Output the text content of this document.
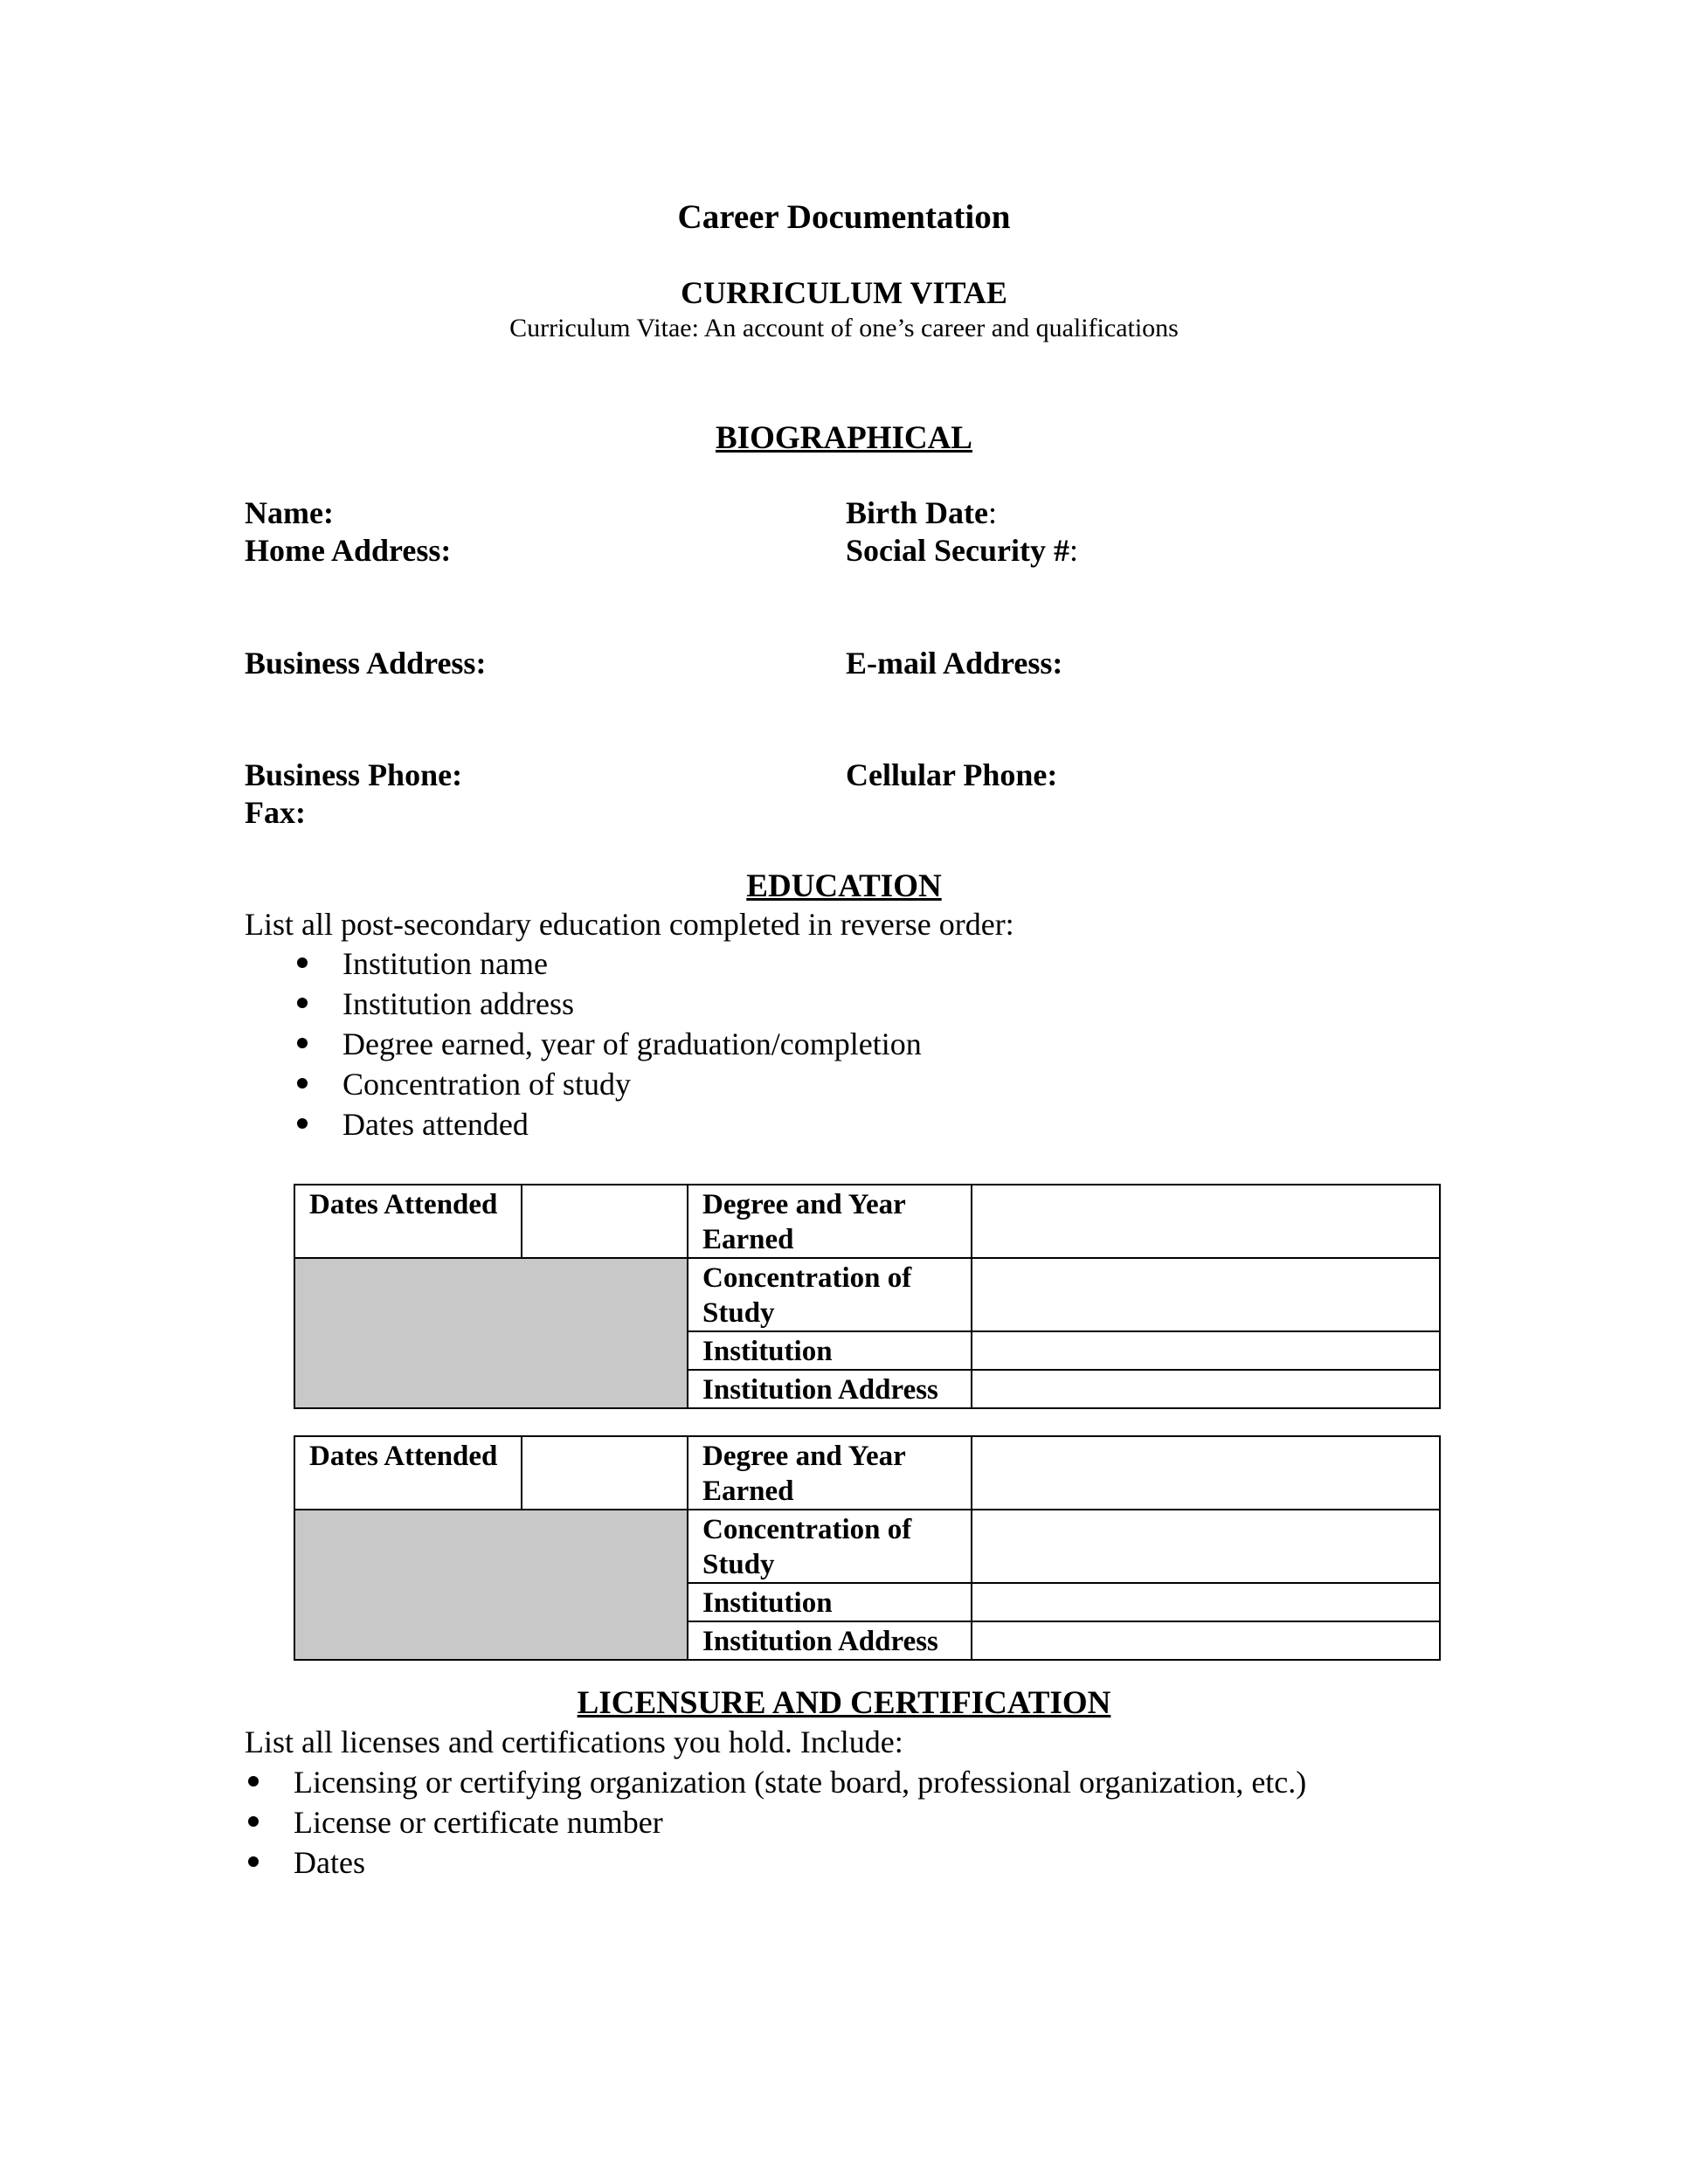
Career Documentation
CURRICULUM VITAE
Curriculum Vitae: An account of one’s career and qualifications
BIOGRAPHICAL
Name:
Home Address:
Business Address:
Business Phone:
Fax:
Birth Date:
Social Security #:
E-mail Address:
Cellular Phone:
EDUCATION
List all post-secondary education completed in reverse order:
Institution name
Institution address
Degree earned, year of graduation/completion
Concentration of study
Dates attended
Dates Attended		Degree and Year
Earned	
		Concentration of
Study	
		Institution	
		Institution Address	
Dates Attended		Degree and Year
Earned	
		Concentration of
Study	
		Institution	
		Institution Address	
LICENSURE AND CERTIFICATION
List all licenses and certifications you hold. Include:
Licensing or certifying organization (state board, professional organization, etc.)
License or certificate number
Dates
